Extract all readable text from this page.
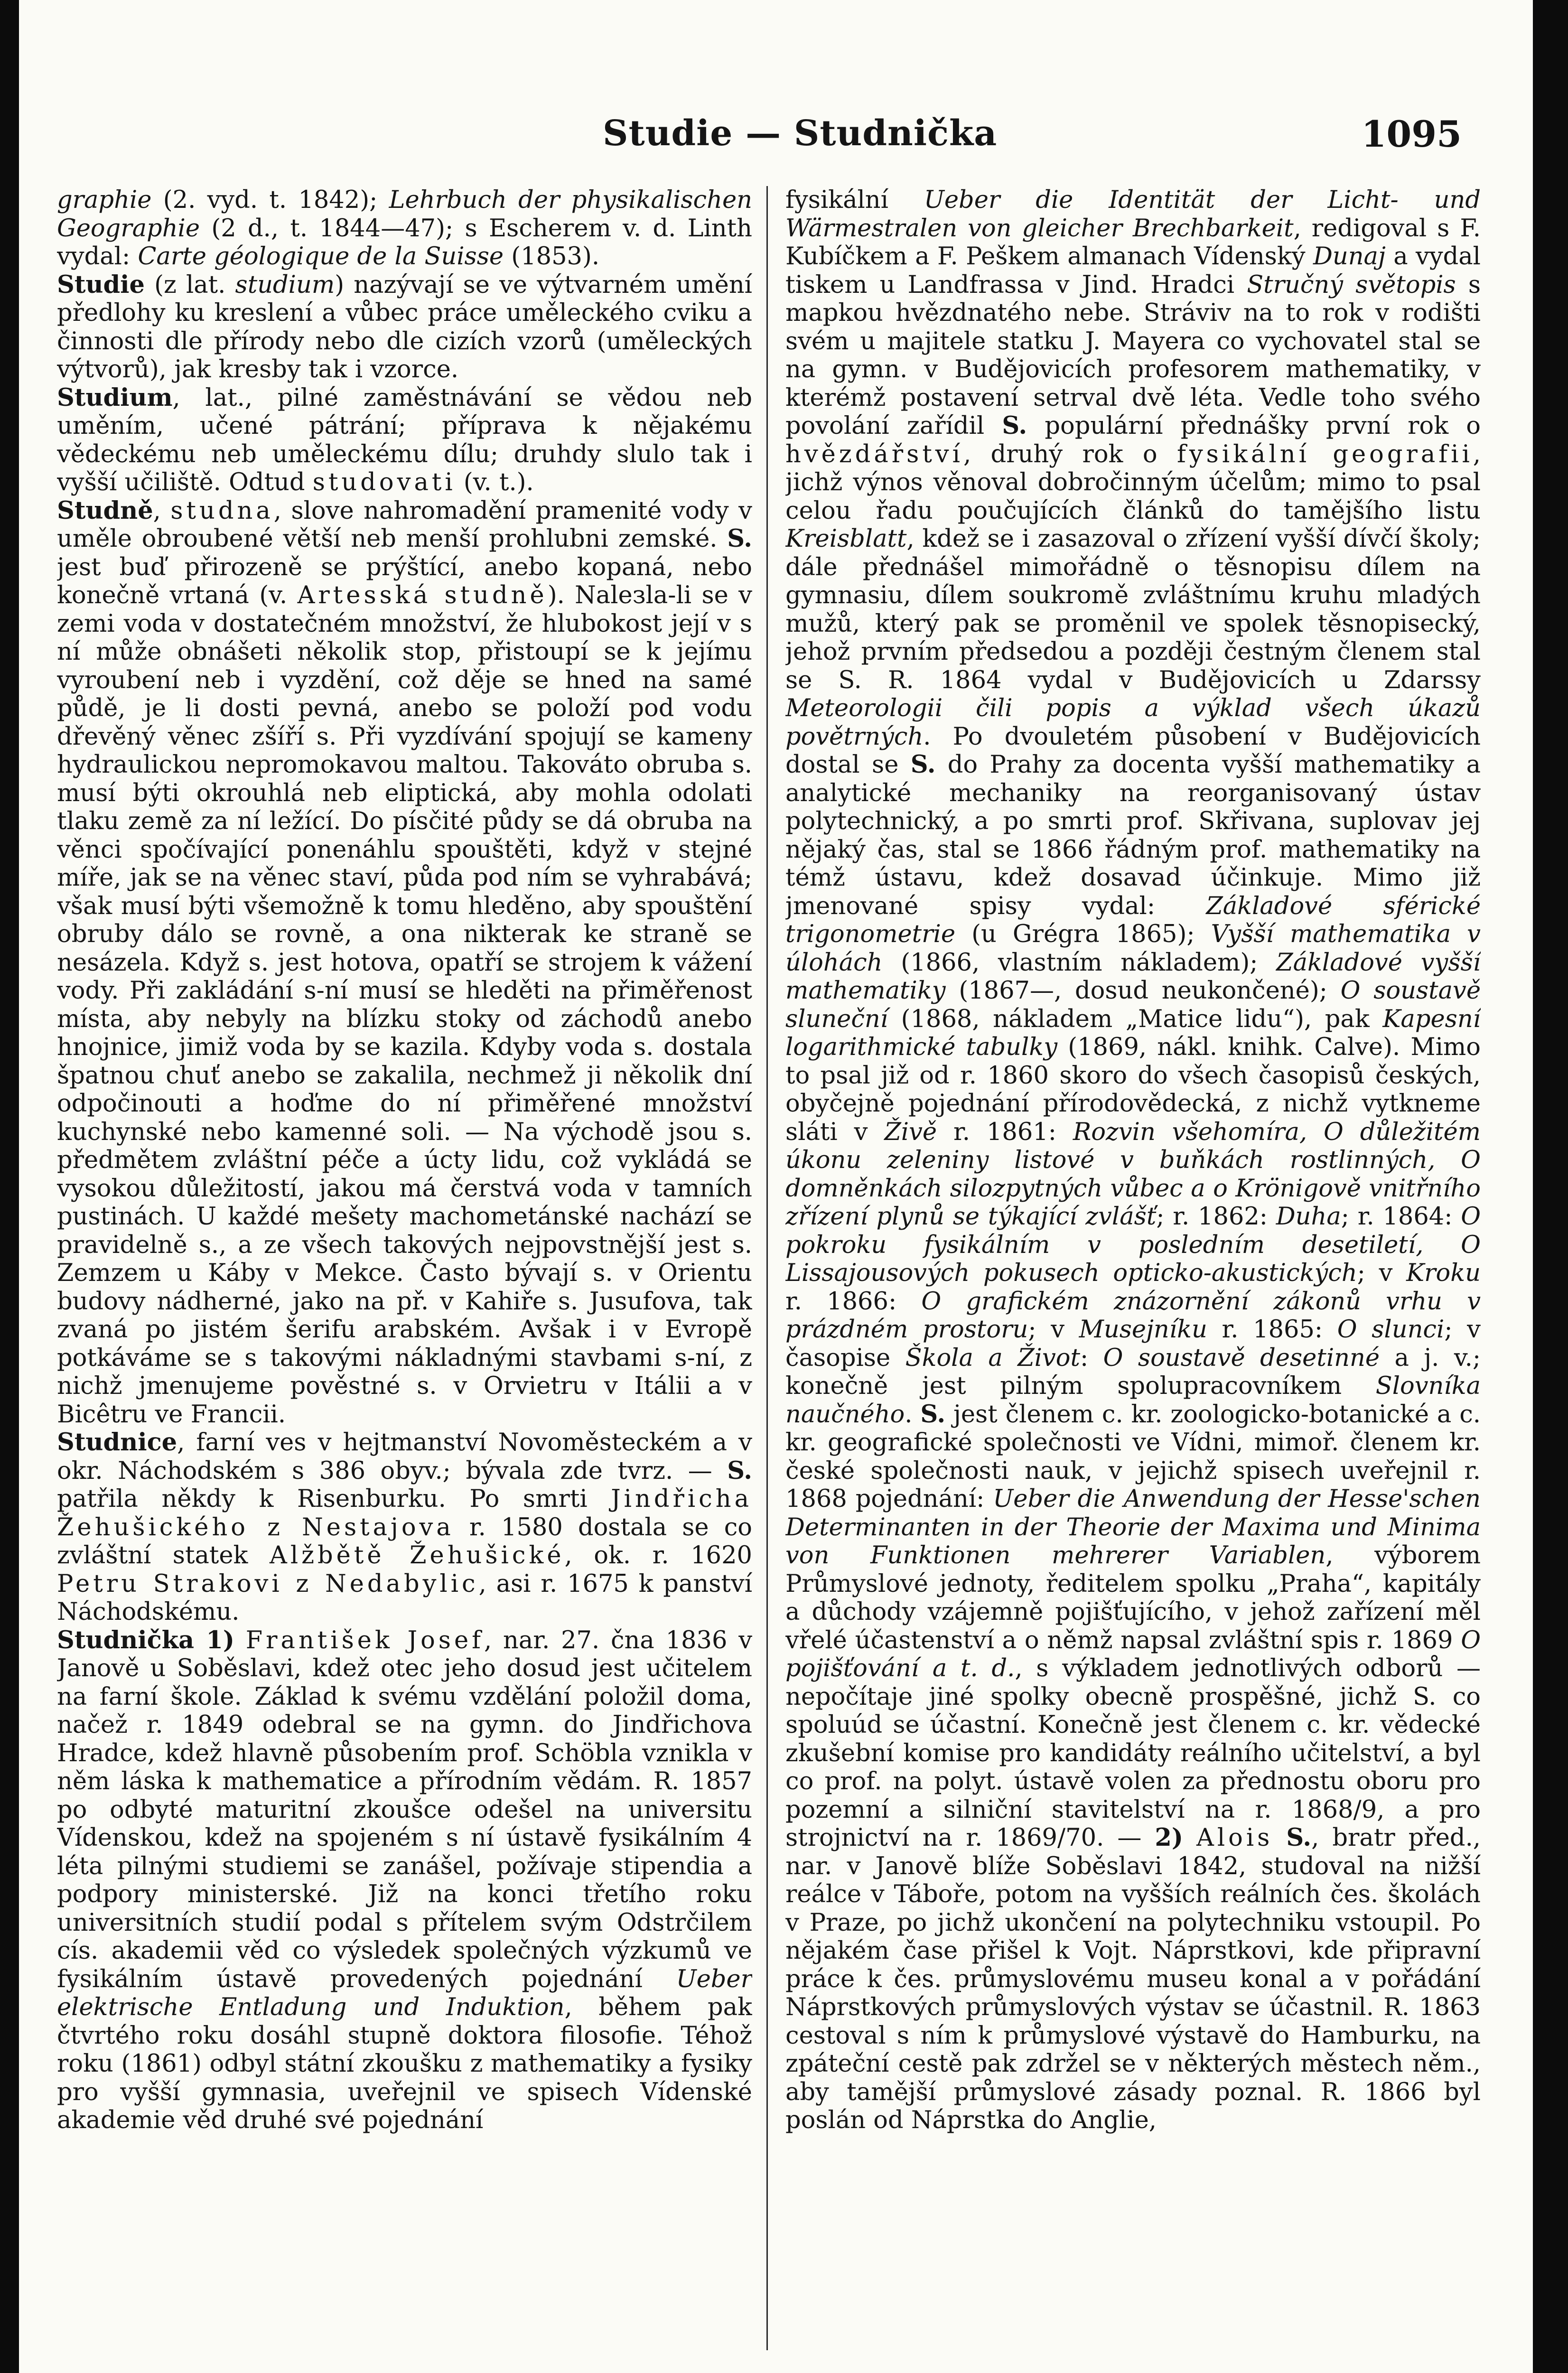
Studie — Studnička	1095

graphie (2. vyd. t. 1842); Lehrbuch der physikalischen Geographie (2 d., t. 1844—47); s Escherem v. d. Linth vydal: Carte géologique de la Suisse (1853).

Studie (z lat. studium) nazývají se ve výtvarném umění předlohy ku kreslení a vůbec práce uměleckého cviku a činnosti dle přírody nebo dle cizích vzorů (uměleckých výtvorů), jak kresby tak i vzorce.

Studium, lat., pilné zaměstnávání se vědou neb uměním, učené pátrání; příprava k nějakému vědeckému neb uměleckému dílu; druhdy slulo tak i vyšší učiliště. Odtud studovati (v. t.).

Studně, studna, slove nahromadění pramenité vody v uměle obroubené větší neb menší prohlubni zemské. S. jest buď přirozeně se prýštící, anebo kopaná, nebo konečně vrtaná (v. Artesská studně). Naleзla-li se v zemi voda v dostatečném množství, že hlubokost její v s ní může obnášeti několik stop, přistoupí se k jejímu vyroubení neb i vyzdění, což děje se hned na samé půdě, je li dosti pevná, anebo se položí pod vodu dřevěný věnec zšíří s. Při vyzdívání spojují se kameny hydraulickou nepromokavou maltou. Takováto obruba s. musí býti okrouhlá neb eliptická, aby mohla odolati tlaku země za ní ležící. Do písčité půdy se dá obruba na věnci spočívající ponenáhlu spouštěti, když v stejné míře, jak se na věnec staví, půda pod ním se vyhrabává; však musí býti všemožně k tomu hleděno, aby spouštění obruby dálo se rovně, a ona nikterak ke straně se nesázela. Když s. jest hotova, opatří se strojem k vážení vody. Při zakládání s-ní musí se hleděti na přiměřenost místa, aby nebyly na blízku stoky od záchodů anebo hnojnice, jimiž voda by se kazila. Kdyby voda s. dostala špatnou chuť anebo se zakalila, nechmež ji několik dní odpočinouti a hoďme do ní přiměřené množství kuchynské nebo kamenné soli. — Na východě jsou s. předmětem zvláštní péče a úcty lidu, což vykládá se vysokou důležitostí, jakou má čerstvá voda v tamních pustinách. U každé mešety machometánské nachází se pravidelně s., a ze všech takových nejpovstnější jest s. Zemzem u Káby v Mekce. Často bývají s. v Orientu budovy nádherné, jako na př. v Kahiře s. Jusufova, tak zvaná po jistém šerifu arabském. Avšak i v Evropě potkáváme se s takovými nákladnými stavbami s-ní, z nichž jmenujeme pověstné s. v Orvietru v Itálii a v Bicêtru ve Francii.

Studnice, farní ves v hejtmanství Novoměsteckém a v okr. Náchodském s 386 obyv.; bývala zde tvrz. — S. patřila někdy k Risenburku. Po smrti Jindřicha Žehušického z Nestajova r. 1580 dostala se co zvláštní statek Alžbětě Žehušické, ok. r. 1620 Petru Strakovi z Nedabylic, asi r. 1675 k panství Náchodskému.

Studnička 1) František Josef, nar. 27. čna 1836 v Janově u Soběslavi, kdež otec jeho dosud jest učitelem na farní škole. Základ k svému vzdělání položil doma, načež r. 1849 odebral se na gymn. do Jindřichova Hradce, kdež hlavně působením prof. Schöbla vznikla v něm láska k mathematice a přírodním vědám. R. 1857 po odbyté maturitní zkoušce odešel na universitu Vídenskou, kdež na spojeném s ní ústavě fysikálním 4 léta pilnými studiemi se zanášel, požívaje stipendia a podpory ministerské. Již na konci třetího roku universitních studií podal s přítelem svým Odstrčilem cís. akademii věd co výsledek společných výzkumů ve fysikálním ústavě provedených pojednání Ueber elektrische Entladung und Induktion, během pak čtvrtého roku dosáhl stupně doktora filosofie. Téhož roku (1861) odbyl státní zkoušku z mathematiky a fysiky pro vyšší gymnasia, uveřejnil ve spisech Vídenské akademie věd druhé své pojednání

fysikální Ueber die Identität der Licht- und Wärmestralen von gleicher Brechbarkeit, redigoval s F. Kubíčkem a F. Peškem almanach Vídenský Dunaj a vydal tiskem u Landfrassa v Jind. Hradci Stručný světopis s mapkou hvězdnatého nebe. Stráviv na to rok v rodišti svém u majitele statku J. Mayera co vychovatel stal se na gymn. v Budějovicích profesorem mathematiky, v kterémž postavení setrval dvě léta. Vedle toho svého povolání zařídil S. populární přednášky první rok o hvězdářství, druhý rok o fysikální geografii, jichž výnos věnoval dobročinným účelům; mimo to psal celou řadu poučujících článků do tamějšího listu Kreisblatt, kdež se i zasazoval o zřízení vyšší dívčí školy; dále přednášel mimořádně o těsnopisu dílem na gymnasiu, dílem soukromě zvláštnímu kruhu mladých mužů, který pak se proměnil ve spolek těsnopisecký, jehož prvním předsedou a později čestným členem stal se S. R. 1864 vydal v Budějovicích u Zdarssy Meteorologii čili popis a výklad všech úkazů povětrných. Po dvouletém působení v Budějovicích dostal se S. do Prahy za docenta vyšší mathematiky a analytické mechaniky na reorganisovaný ústav polytechnický, a po smrti prof. Skřivana, suplovav jej nějaký čas, stal se 1866 řádným prof. mathematiky na témž ústavu, kdež dosavad účinkuje. Mimo již jmenované spisy vydal: Základové sférické trigonometrie (u Grégra 1865); Vyšší mathematika v úlohách (1866, vlastním nákladem); Základové vyšší mathematiky (1867—, dosud neukončené); O soustavě sluneční (1868, nákladem „Matice lidu“), pak Kapesní logarithmické tabulky (1869, nákl. knihk. Calve). Mimo to psal již od r. 1860 skoro do všech časopisů českých, obyčejně pojednání přírodovědecká, z nichž vytkneme sláti v Živě r. 1861: Rozvin všehomíra, O důležitém úkonu zeleniny listové v buňkách rostlinných, O domněnkách silozpytných vůbec a o Krönigově vnitřního zřízení plynů se týkající zvlášť; r. 1862: Duha; r. 1864: O pokroku fysikálním v posledním desetiletí, O Lissajousových pokusech opticko-akustických; v Kroku r. 1866: O grafickém znázornění zákonů vrhu v prázdném prostoru; v Musejníku r. 1865: O slunci; v časopise Škola a Život: O soustavě desetinné a j. v.; konečně jest pilným spolupracovníkem Slovníka naučného. S. jest členem c. kr. zoologicko-botanické a c. kr. geografické společnosti ve Vídni, mimoř. členem kr. české společnosti nauk, v jejichž spisech uveřejnil r. 1868 pojednání: Ueber die Anwendung der Hesse'schen Determinanten in der Theorie der Maxima und Minima von Funktionen mehrerer Variablen, výborem Průmyslové jednoty, ředitelem spolku „Praha“, kapitály a důchody vzájemně pojišťujícího, v jehož zařízení měl vřelé účastenství a o němž napsal zvláštní spis r. 1869 O pojišťování a t. d., s výkladem jednotlivých odborů — nepočítaje jiné spolky obecně prospěšné, jichž S. co spoluúd se účastní. Konečně jest členem c. kr. vědecké zkušební komise pro kandidáty reálního učitelství, a byl co prof. na polyt. ústavě volen za přednostu oboru pro pozemní a silniční stavitelství na r. 1868/9, a pro strojnictví na r. 1869/70. — 2) Alois S., bratr před., nar. v Janově blíže Soběslavi 1842, studoval na nižší reálce v Táboře, potom na vyšších reálních čes. školách v Praze, po jichž ukončení na polytechniku vstoupil. Po nějakém čase přišel k Vojt. Náprstkovi, kde připravní práce k čes. průmyslovému museu konal a v pořádání Náprstkových průmyslových výstav se účastnil. R. 1863 cestoval s ním k průmyslové výstavě do Hamburku, na zpáteční cestě pak zdržel se v některých městech něm., aby tamější průmyslové zásady poznal. R. 1866 byl poslán od Náprstka do Anglie,
